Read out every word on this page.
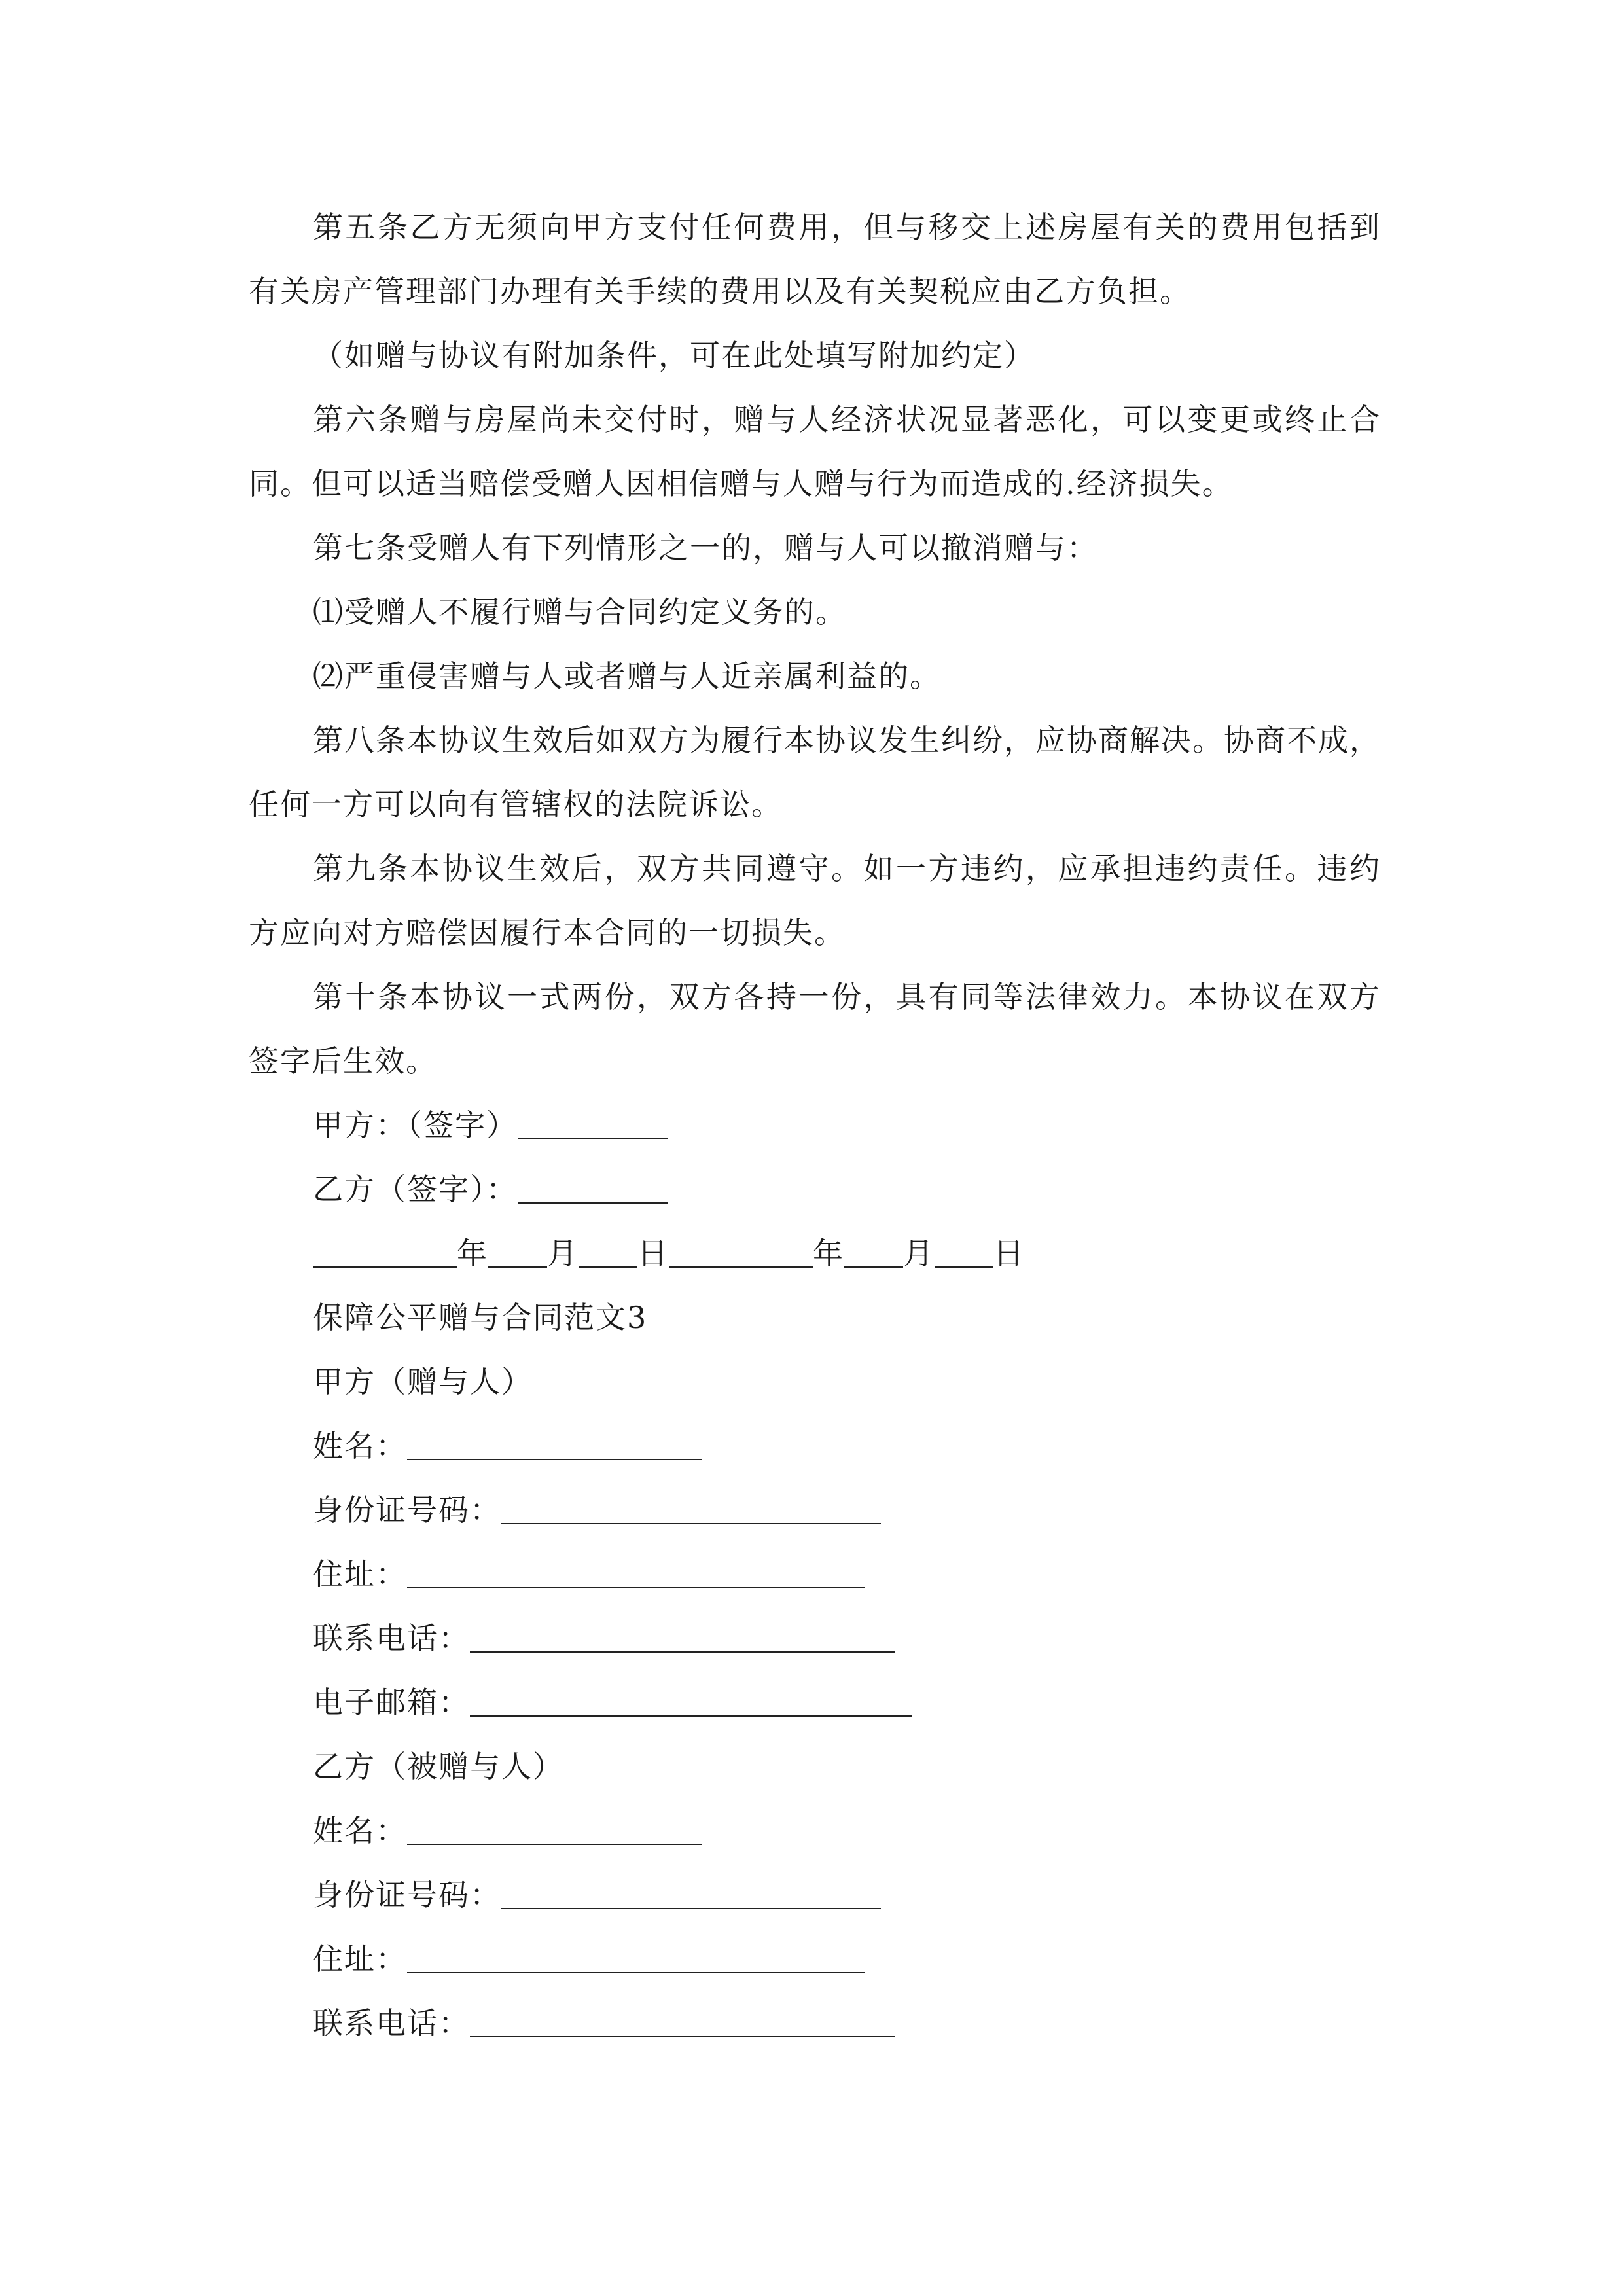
第五条乙方无须向甲方支付任何费用，但与移交上述房屋有关的费用包括到
有关房产管理部门办理有关手续的费用以及有关契税应由乙方负担。
（如赠与协议有附加条件，可在此处填写附加约定）
第六条赠与房屋尚未交付时，赠与人经济状况显著恶化，可以变更或终止合
同。但可以适当赔偿受赠人因相信赠与人赠与行为而造成的.经济损失。
第七条受赠人有下列情形之一的，赠与人可以撤消赠与：
⑴受赠人不履行赠与合同约定义务的。
⑵严重侵害赠与人或者赠与人近亲属利益的。
第八条本协议生效后如双方为履行本协议发生纠纷，应协商解决。协商不成，
任何一方可以向有管辖权的法院诉讼。
第九条本协议生效后，双方共同遵守。如一方违约，应承担违约责任。违约
方应向对方赔偿因履行本合同的一切损失。
第十条本协议一式两份，双方各持一份，具有同等法律效力。本协议在双方
签字后生效。
甲方：（签字）
乙方（签字）：
年 月 日	年 月 日
保障公平赠与合同范文3
甲方（赠与人）
姓名：
身份证号码：
住址：
联系电话：
电子邮箱：
乙方（被赠与人）
姓名：
身份证号码：
住址：
联系电话：
